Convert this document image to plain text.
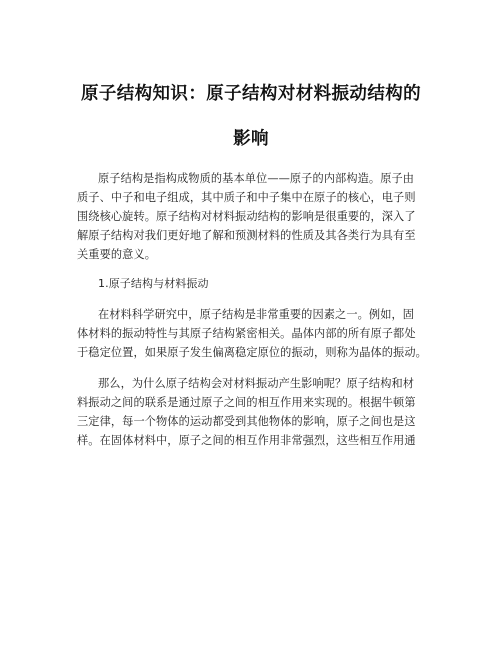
原子结构知识：原子结构对材料振动结构的
影响
原子结构是指构成物质的基本单位——原子的内部构造。原子由
质子、中子和电子组成，其中质子和中子集中在原子的核心，电子则
围绕核心旋转。原子结构对材料振动结构的影响是很重要的，深入了
解原子结构对我们更好地了解和预测材料的性质及其各类行为具有至
关重要的意义。
1.原子结构与材料振动
在材料科学研究中，原子结构是非常重要的因素之一。例如，固
体材料的振动特性与其原子结构紧密相关。晶体内部的所有原子都处
于稳定位置，如果原子发生偏离稳定原位的振动，则称为晶体的振动。
那么，为什么原子结构会对材料振动产生影响呢？原子结构和材
料振动之间的联系是通过原子之间的相互作用来实现的。根据牛顿第
三定律，每一个物体的运动都受到其他物体的影响，原子之间也是这
样。在固体材料中，原子之间的相互作用非常强烈，这些相互作用通
